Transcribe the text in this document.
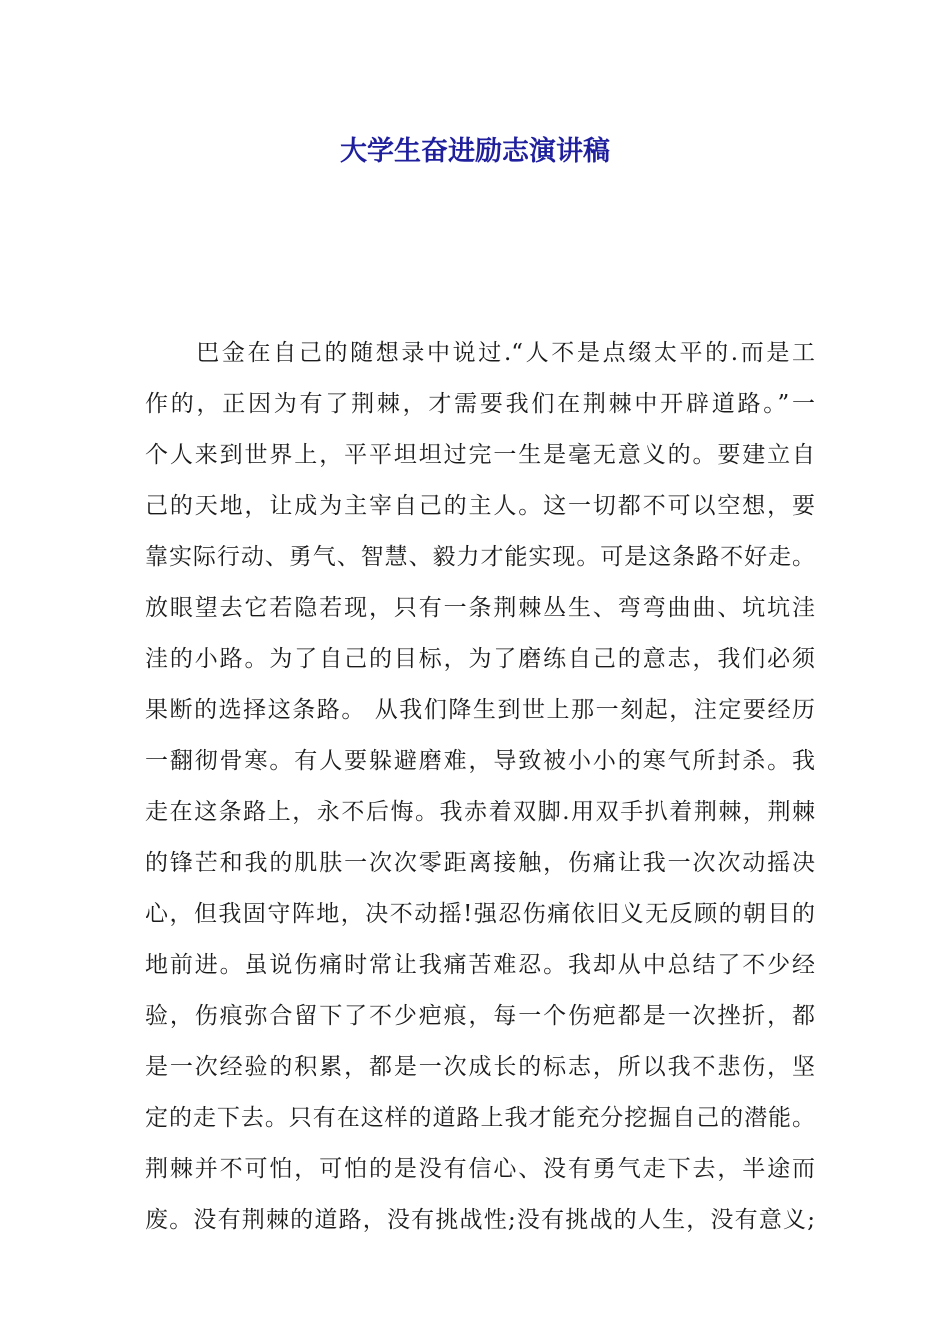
大学生奋进励志演讲稿
　　巴金在自己的随想录中说过.“人不是点缀太平的.而是工
作的，正因为有了荆棘，才需要我们在荆棘中开辟道路。”一
个人来到世界上，平平坦坦过完一生是毫无意义的。要建立自
己的天地，让成为主宰自己的主人。这一切都不可以空想，要
靠实际行动、勇气、智慧、毅力才能实现。可是这条路不好走。
放眼望去它若隐若现，只有一条荆棘丛生、弯弯曲曲、坑坑洼
洼的小路。为了自己的目标，为了磨练自己的意志，我们必须
果断的选择这条路。 从我们降生到世上那一刻起，注定要经历
一翻彻骨寒。有人要躲避磨难，导致被小小的寒气所封杀。我
走在这条路上，永不后悔。我赤着双脚.用双手扒着荆棘，荆棘
的锋芒和我的肌肤一次次零距离接触，伤痛让我一次次动摇决
心，但我固守阵地，决不动摇!强忍伤痛依旧义无反顾的朝目的
地前进。虽说伤痛时常让我痛苦难忍。我却从中总结了不少经
验，伤痕弥合留下了不少疤痕，每一个伤疤都是一次挫折，都
是一次经验的积累，都是一次成长的标志，所以我不悲伤，坚
定的走下去。只有在这样的道路上我才能充分挖掘自己的潜能。
荆棘并不可怕，可怕的是没有信心、没有勇气走下去，半途而
废。没有荆棘的道路，没有挑战性;没有挑战的人生，没有意义;
